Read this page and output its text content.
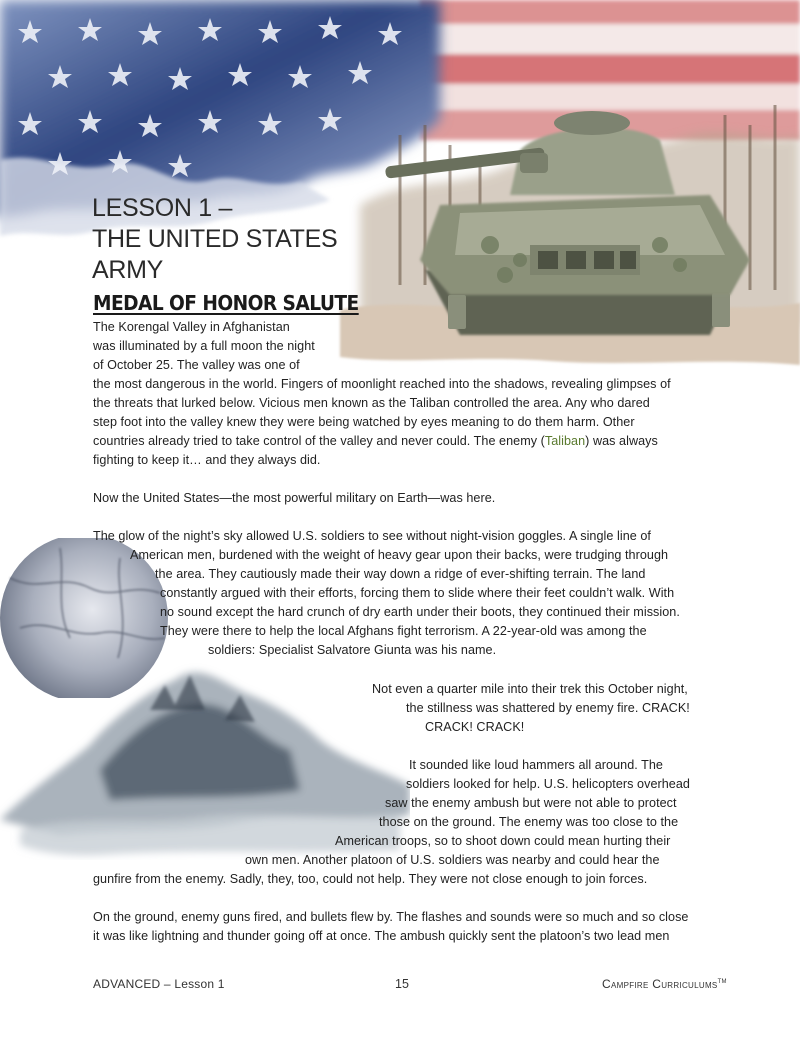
LESSON 1 –
THE UNITED STATES
ARMY
MEDAL OF HONOR SALUTE
The Korengal Valley in Afghanistan
was illuminated by a full moon the night
of October 25. The valley was one of
the most dangerous in the world. Fingers of moonlight reached into the shadows, revealing glimpses of
the threats that lurked below. Vicious men known as the Taliban controlled the area. Any who dared
step foot into the valley knew they were being watched by eyes meaning to do them harm. Other
countries already tried to take control of the valley and never could. The enemy (Taliban) was always
fighting to keep it… and they always did.
Now the United States—the most powerful military on Earth—was here.
The glow of the night’s sky allowed U.S. soldiers to see without night-vision goggles. A single line of
American men, burdened with the weight of heavy gear upon their backs, were trudging through
the area. They cautiously made their way down a ridge of ever-shifting terrain. The land
constantly argued with their efforts, forcing them to slide where their feet couldn’t walk. With
no sound except the hard crunch of dry earth under their boots, they continued their mission.
They were there to help the local Afghans fight terrorism. A 22-year-old was among the
soldiers: Specialist Salvatore Giunta was his name.
Not even a quarter mile into their trek this October night,
the stillness was shattered by enemy fire. CRACK!
CRACK! CRACK!
It sounded like loud hammers all around. The
soldiers looked for help. U.S. helicopters overhead
saw the enemy ambush but were not able to protect
those on the ground. The enemy was too close to the
American troops, so to shoot down could mean hurting their
own men. Another platoon of U.S. soldiers was nearby and could hear the
gunfire from the enemy. Sadly, they, too, could not help. They were not close enough to join forces.
On the ground, enemy guns fired, and bullets flew by. The flashes and sounds were so much and so close
it was like lightning and thunder going off at once. The ambush quickly sent the platoon’s two lead men
ADVANCED – Lesson 1	15	Campfire Curriculums™
